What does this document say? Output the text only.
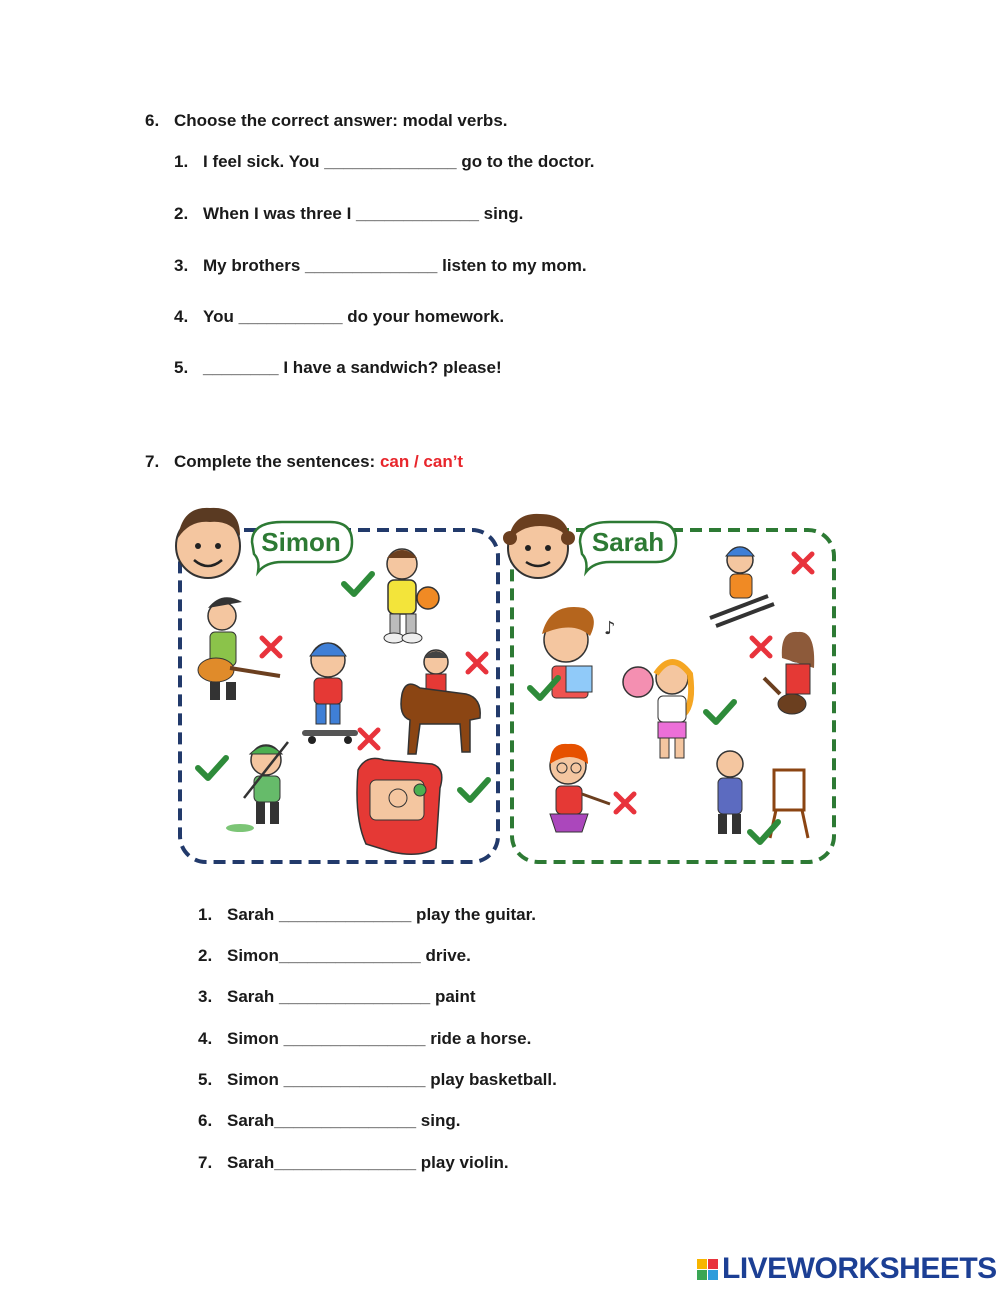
6. Choose the correct answer: modal verbs.
1. I feel sick. You ______________ go to the doctor.
2. When I was three I _____________ sing.
3. My brothers ______________ listen to my mom.
4. You ___________ do your homework.
5. ________ I have a sandwich? please!
7. Complete the sentences: can / can’t
Simon	Sarah
♪
1. Sarah ______________ play the guitar.
2. Simon_______________ drive.
3. Sarah ________________ paint
4. Simon _______________ ride a horse.
5. Simon _______________ play basketball.
6. Sarah_______________ sing.
7. Sarah_______________ play violin.
LIVEWORKSHEETS
